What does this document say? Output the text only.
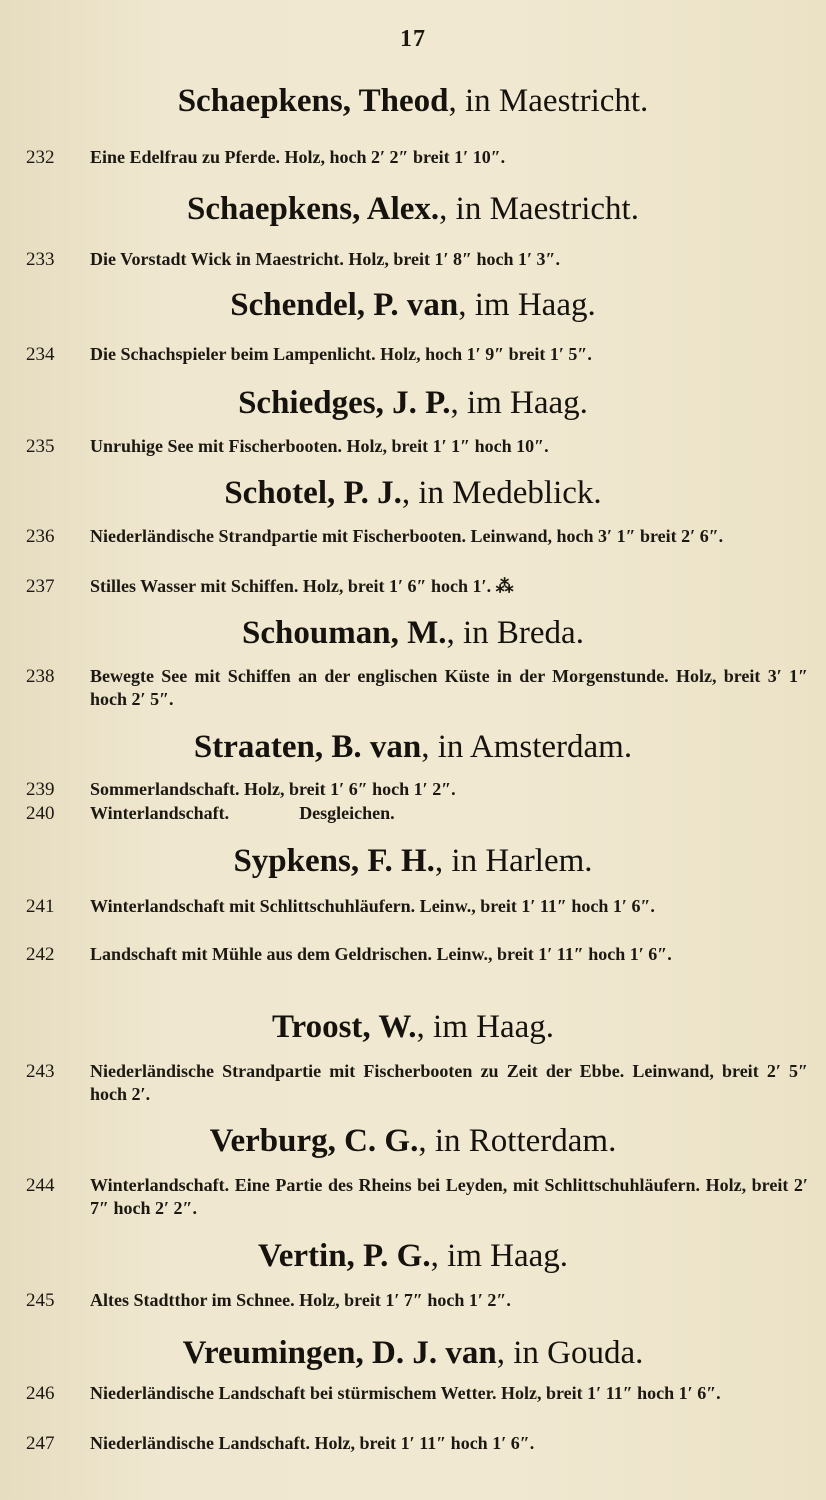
17
Schaepkens, Theod, in Maestricht.
232 Eine Edelfrau zu Pferde. Holz, hoch 2′ 2″ breit 1′ 10″.
Schaepkens, Alex., in Maestricht.
233 Die Vorstadt Wick in Maestricht. Holz, breit 1′ 8″ hoch 1′ 3″.
Schendel, P. van, im Haag.
234 Die Schachspieler beim Lampenlicht. Holz, hoch 1′ 9″ breit 1′ 5″.
Schiedges, J. P., im Haag.
235 Unruhige See mit Fischerbooten. Holz, breit 1′ 1″ hoch 10″.
Schotel, P. J., in Medeblick.
236 Niederländische Strandpartie mit Fischerbooten. Leinwand, hoch 3′ 1″ breit 2′ 6″.
237 Stilles Wasser mit Schiffen. Holz, breit 1′ 6″ hoch 1′. ⁂
Schouman, M., in Breda.
238 Bewegte See mit Schiffen an der englischen Küste in der Morgenstunde. Holz, breit 3′ 1″ hoch 2′ 5″.
Straaten, B. van, in Amsterdam.
239 Sommerlandschaft. Holz, breit 1′ 6″ hoch 1′ 2″.
240 Winterlandschaft.	Desgleichen.
Sypkens, F. H., in Harlem.
241 Winterlandschaft mit Schlittschuhläufern. Leinw., breit 1′ 11″ hoch 1′ 6″.
242 Landschaft mit Mühle aus dem Geldrischen. Leinw., breit 1′ 11″ hoch 1′ 6″.
Troost, W., im Haag.
243 Niederländische Strandpartie mit Fischerbooten zu Zeit der Ebbe. Leinwand, breit 2′ 5″ hoch 2′.
Verburg, C. G., in Rotterdam.
244 Winterlandschaft. Eine Partie des Rheins bei Leyden, mit Schlittschuhläufern. Holz, breit 2′ 7″ hoch 2′ 2″.
Vertin, P. G., im Haag.
245 Altes Stadtthor im Schnee. Holz, breit 1′ 7″ hoch 1′ 2″.
Vreumingen, D. J. van, in Gouda.
246 Niederländische Landschaft bei stürmischem Wetter. Holz, breit 1′ 11″ hoch 1′ 6″.
247 Niederländische Landschaft. Holz, breit 1′ 11″ hoch 1′ 6″.
